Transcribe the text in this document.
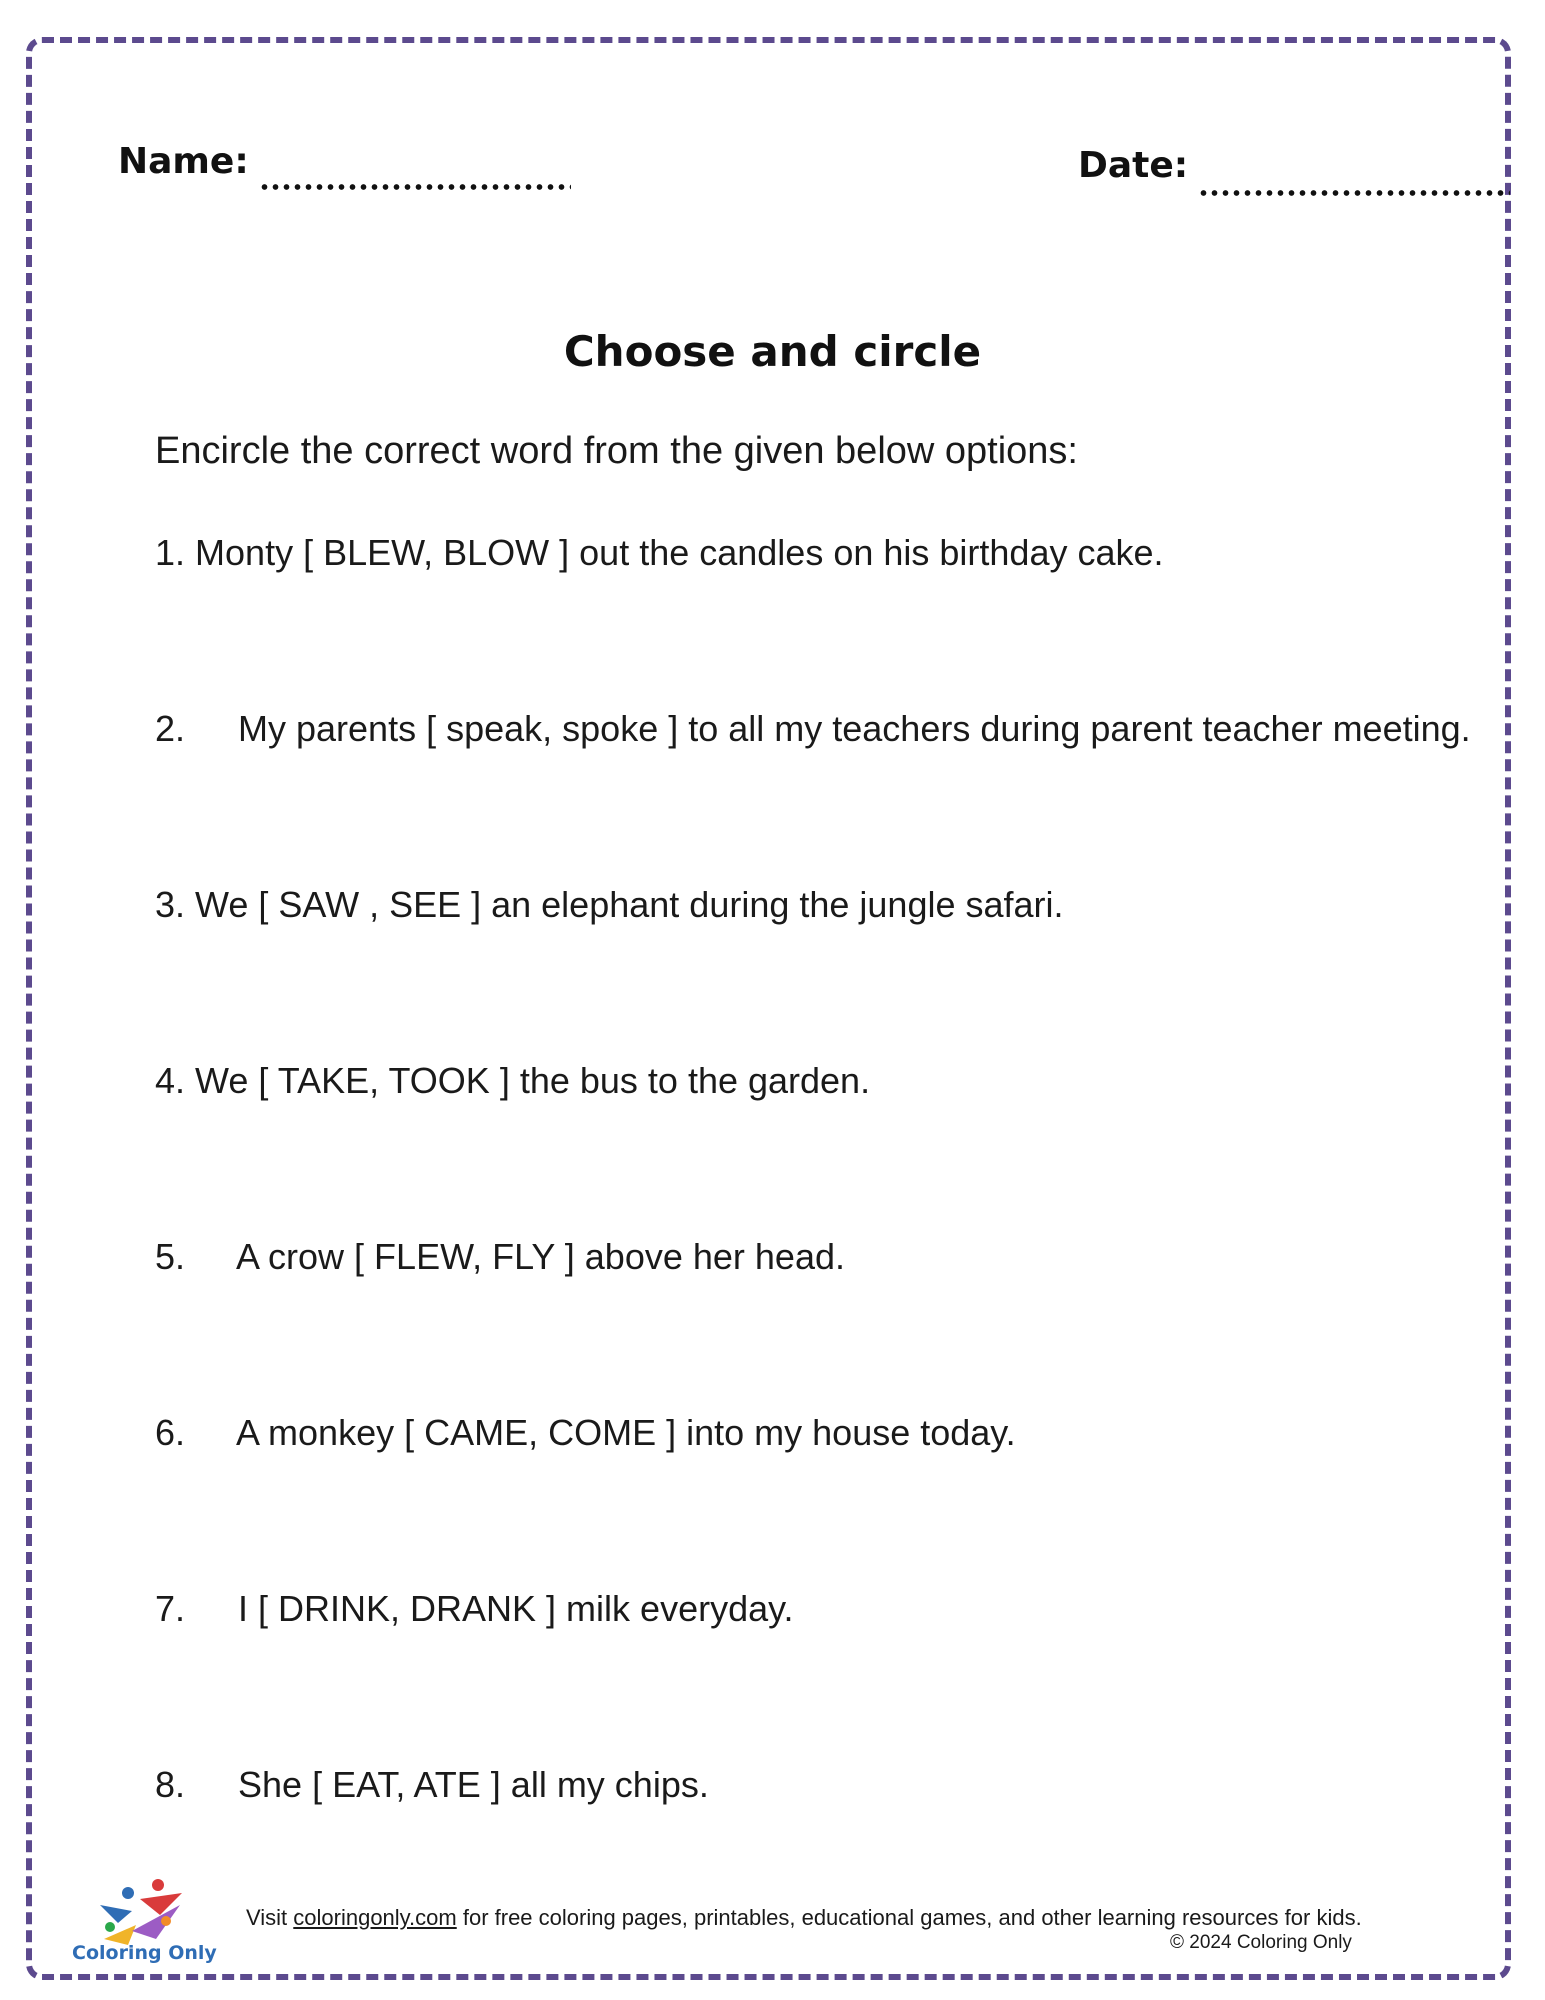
Name:	Date:
Choose and circle
Encircle the correct word from the given below options:
1. Monty [ BLEW, BLOW ] out the candles on his birthday cake.
2. My parents [ speak, spoke ] to all my teachers during parent teacher meeting.
3. We [ SAW , SEE ] an elephant during the jungle safari.
4. We [ TAKE, TOOK ] the bus to the garden.
5. A crow [ FLEW, FLY ] above her head.
6. A monkey [ CAME, COME ] into my house today.
7. I [ DRINK, DRANK ] milk everyday.
8. She [ EAT, ATE ] all my chips.
Coloring Only
Visit coloringonly.com for free coloring pages, printables, educational games, and other learning resources for kids.
© 2024 Coloring Only
